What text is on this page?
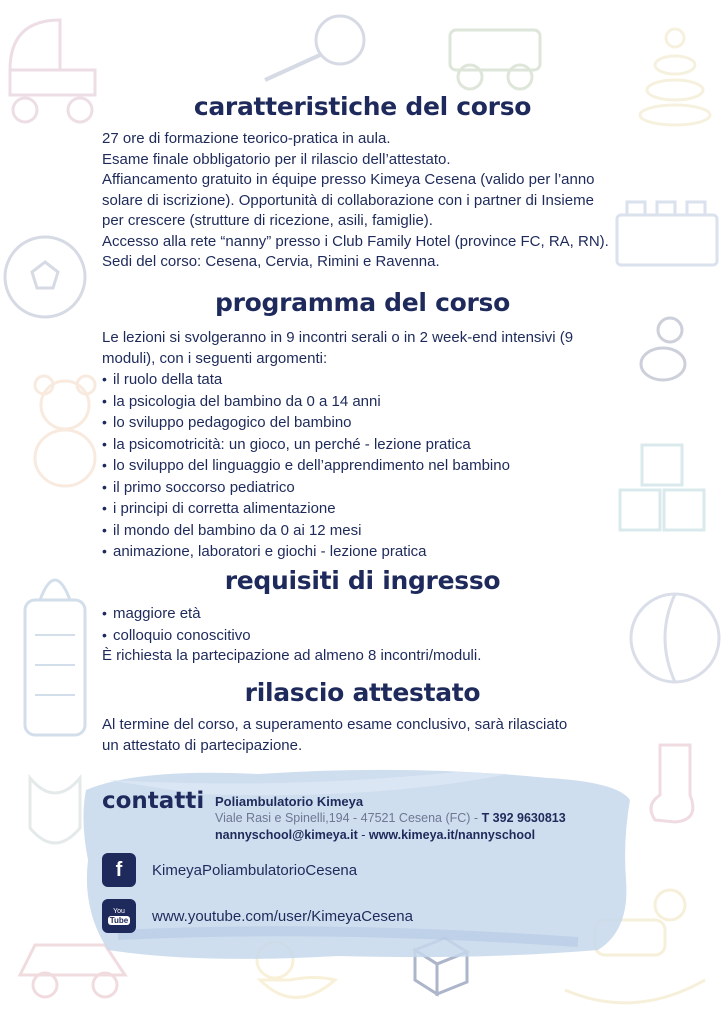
caratteristiche del corso

27 ore di formazione teorico-pratica in aula.

Esame finale obbligatorio per il rilascio dell’attestato.

Affiancamento gratuito in équipe presso Kimeya Cesena (valido per l’anno

solare di iscrizione). Opportunità di collaborazione con i partner di Insieme

per crescere (strutture di ricezione, asili, famiglie).

Accesso alla rete “nanny” presso i Club Family Hotel (province FC, RA, RN).

Sedi del corso: Cesena, Cervia, Rimini e Ravenna.

programma del corso

Le lezioni si svolgeranno in 9 incontri serali o in 2 week-end intensivi (9

moduli), con i seguenti argomenti:

• il ruolo della tata
• la psicologia del bambino da 0 a 14 anni
• lo sviluppo pedagogico del bambino
• la psicomotricità: un gioco, un perché - lezione pratica
• lo sviluppo del linguaggio e dell’apprendimento nel bambino
• il primo soccorso pediatrico
• i principi di corretta alimentazione
• il mondo del bambino da 0 ai 12 mesi
• animazione, laboratori e giochi - lezione pratica
requisiti di ingresso
• maggiore età
• colloquio conoscitivo

È richiesta la partecipazione ad almeno 8 incontri/moduli.

rilascio attestato

Al termine del corso, a superamento esame conclusivo, sarà rilasciato

un attestato di partecipazione.

contatti Poliambulatorio Kimeya
Viale Rasi e Spinelli,194 - 47521 Cesena (FC) - T 392 9630813
nannyschool@kimeya.it - www.kimeya.it/nannyschool
f KimeyaPoliambulatorioCesena
You
Tube www.youtube.com/user/KimeyaCesena
